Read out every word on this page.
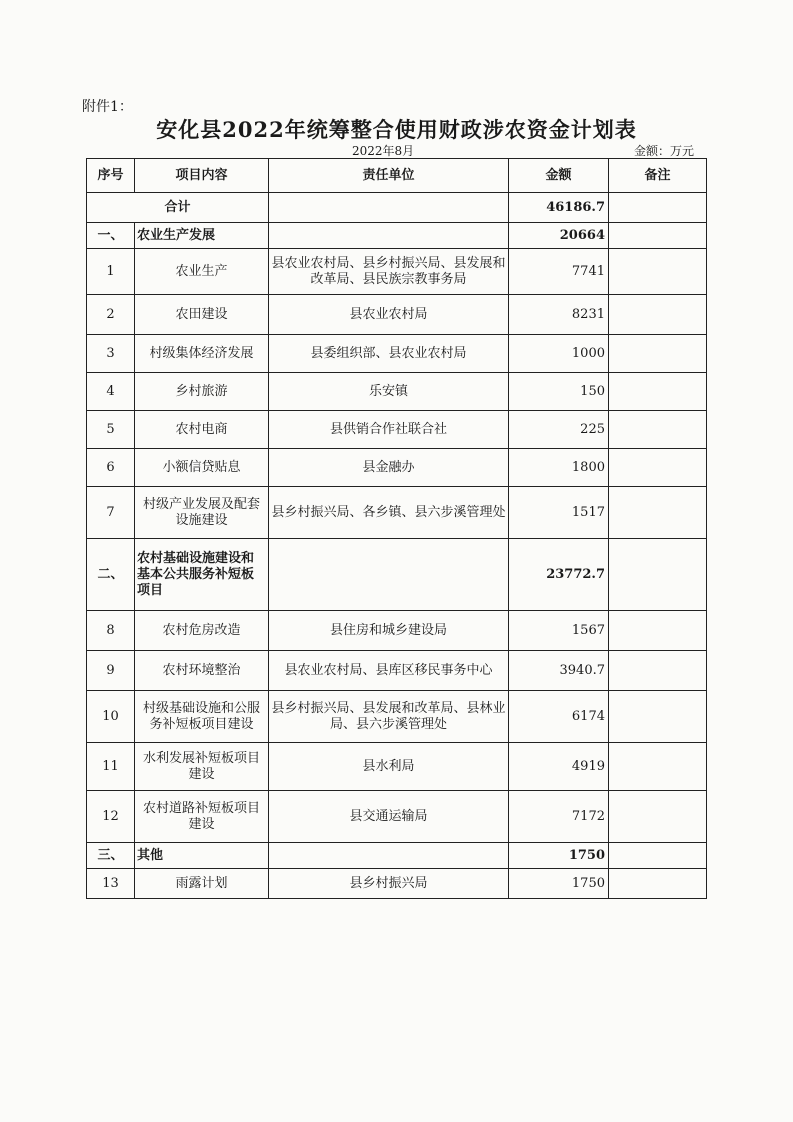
附件1：
安化县2022年统筹整合使用财政涉农资金计划表
2022年8月	金额：万元
序号	项目内容	责任单位	金额	备注
合计			46186.7	
一、	农业生产发展		20664	
1	农业生产	县农业农村局、县乡村振兴局、县发展和改革局、县民族宗教事务局	7741	
2	农田建设	县农业农村局	8231	
3	村级集体经济发展	县委组织部、县农业农村局	1000	
4	乡村旅游	乐安镇	150	
5	农村电商	县供销合作社联合社	225	
6	小额信贷贴息	县金融办	1800	
7	村级产业发展及配套设施建设	县乡村振兴局、各乡镇、县六步溪管理处	1517	
二、	农村基础设施建设和基本公共服务补短板项目		23772.7	
8	农村危房改造	县住房和城乡建设局	1567	
9	农村环境整治	县农业农村局、县库区移民事务中心	3940.7	
10	村级基础设施和公服务补短板项目建设	县乡村振兴局、县发展和改革局、县林业局、县六步溪管理处	6174	
11	水利发展补短板项目建设	县水利局	4919	
12	农村道路补短板项目建设	县交通运输局	7172	
三、	其他		1750	
13	雨露计划	县乡村振兴局	1750	
